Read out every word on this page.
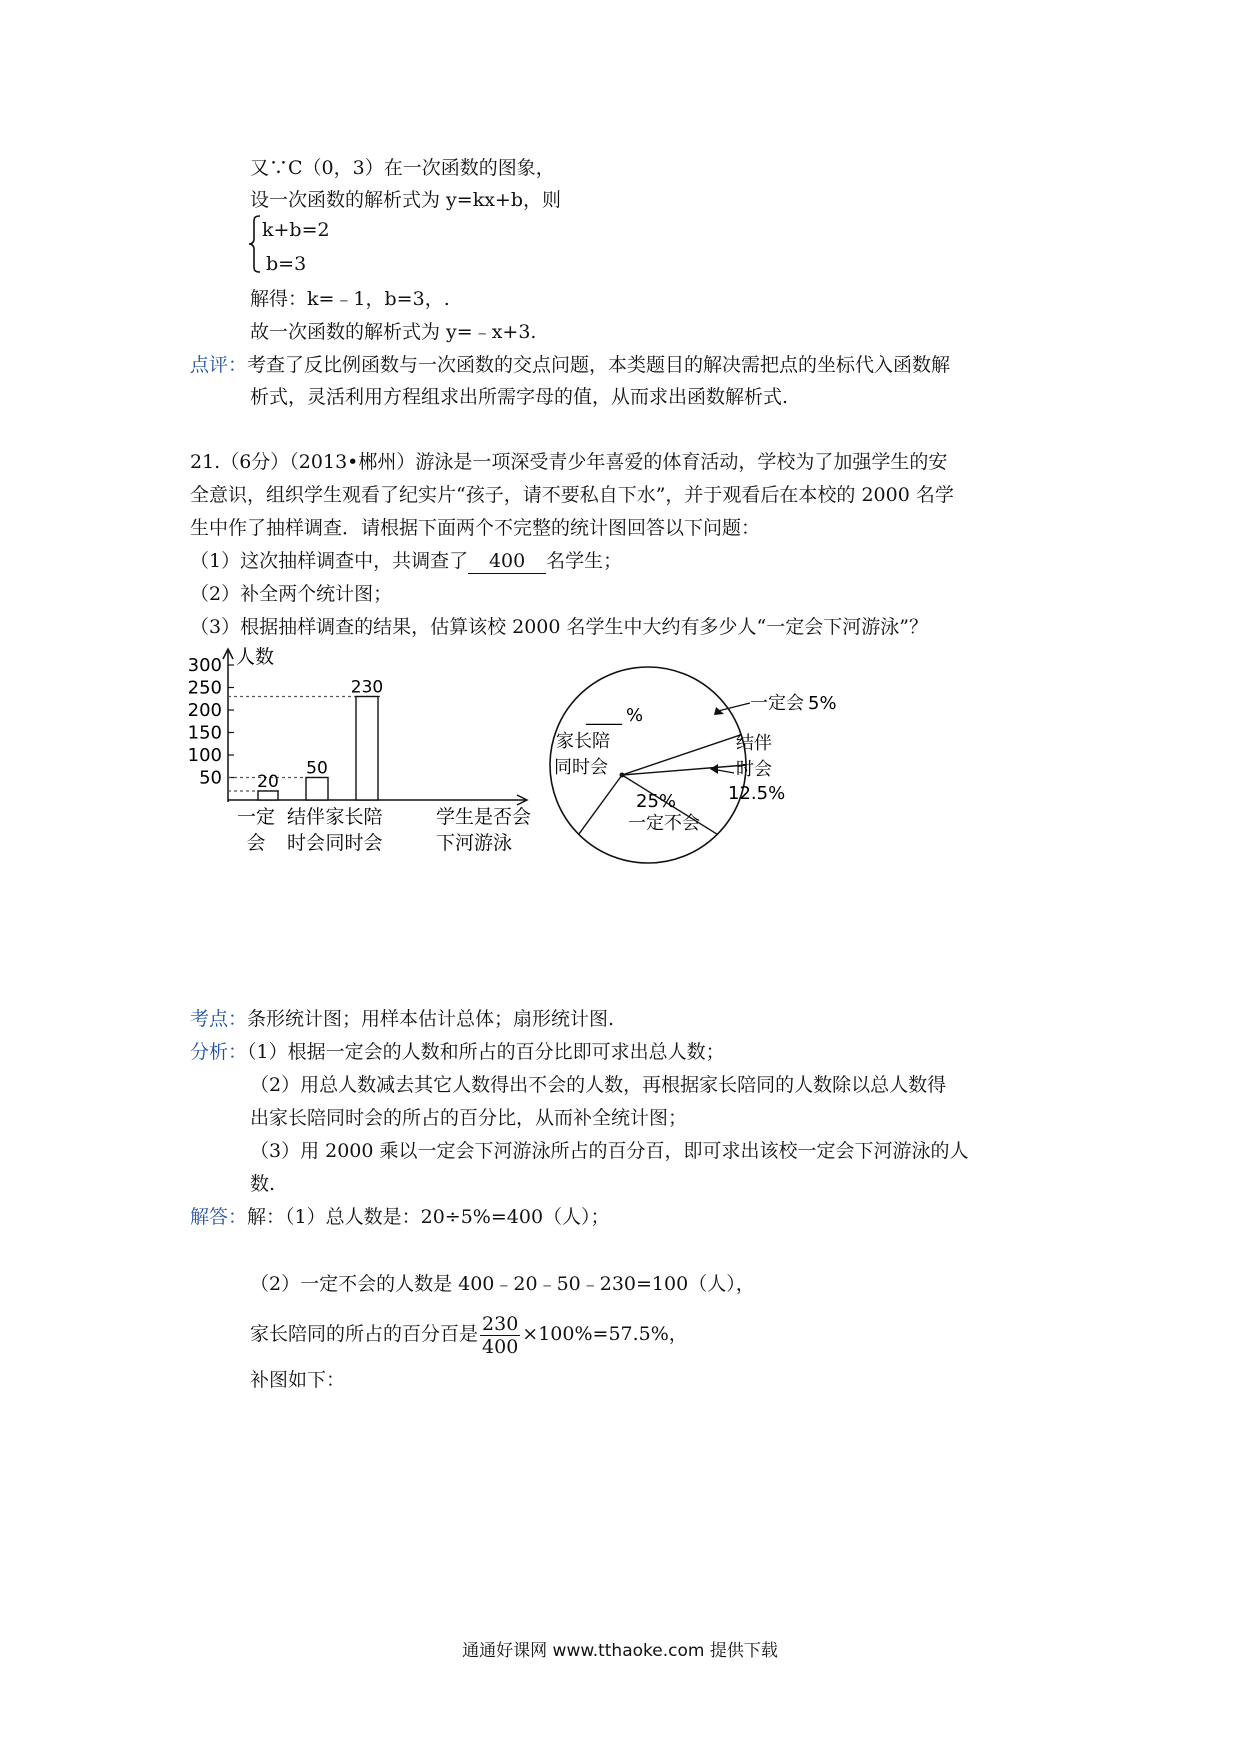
又∵C（0，3）在一次函数的图象，
设一次函数的解析式为 y=kx+b，则
k+b=2
b=3
解得：k=﹣1，b=3，.
故一次函数的解析式为 y=﹣x+3.
点评：考查了反比例函数与一次函数的交点问题，本类题目的解决需把点的坐标代入函数解
析式，灵活利用方程组求出所需字母的值，从而求出函数解析式.
21.（6分）（2013•郴州）游泳是一项深受青少年喜爱的体育活动，学校为了加强学生的安
全意识，组织学生观看了纪实片“孩子，请不要私自下水”，并于观看后在本校的 2000 名学
生中作了抽样调查．请根据下面两个不完整的统计图回答以下问题：
（1）这次抽样调查中，共调查了 400 名学生；
（2）补全两个统计图；
（3）根据抽样调查的结果，估算该校 2000 名学生中大约有多少人“一定会下河游泳”？
人数
50
100
150
200
250
300
20
50
230
一定
会
结伴
时会
家长陪
同时会
学生是否会
下河游泳
一定会 5%
结伴
时会
12.5%
25%
一定不会
家长陪
同时会
____ %
考点：条形统计图；用样本估计总体；扇形统计图.
分析：（1）根据一定会的人数和所占的百分比即可求出总人数；
（2）用总人数减去其它人数得出不会的人数，再根据家长陪同的人数除以总人数得
出家长陪同时会的所占的百分比，从而补全统计图；
（3）用 2000 乘以一定会下河游泳所占的百分百，即可求出该校一定会下河游泳的人
数.
解答：解：（1）总人数是：20÷5%=400（人）；
（2）一定不会的人数是 400﹣20﹣50﹣230=100（人），
家长陪同的所占的百分百是 $\frac{230}{400} \times 100\%=57.5\%$，
补图如下：
通通好课网 www.tthaoke.com 提供下载
